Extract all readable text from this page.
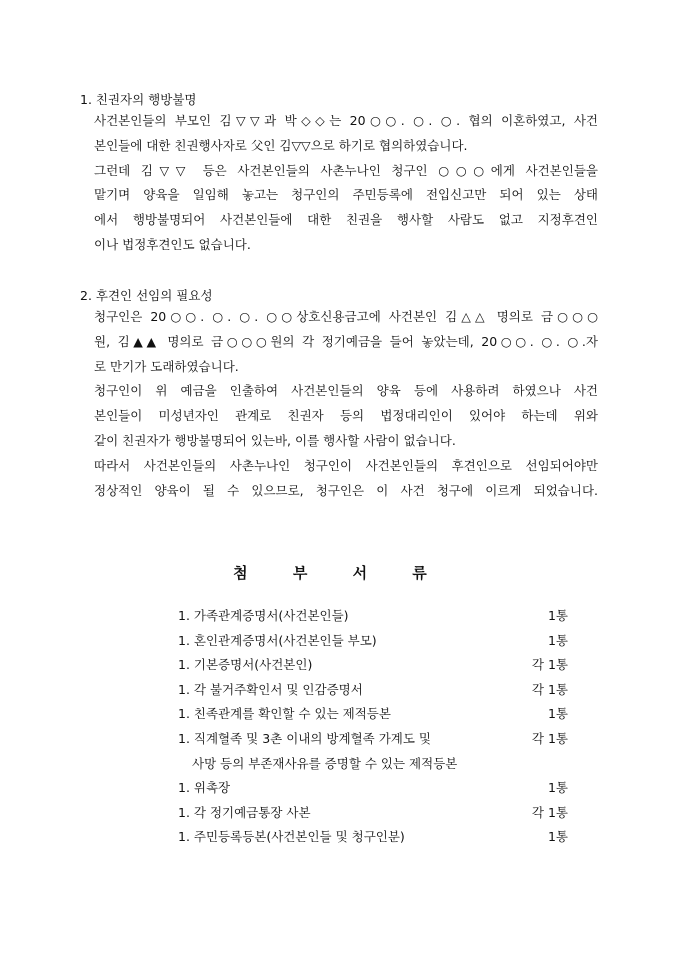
1. 친권자의 행방불명
사건본인들의 부모인 김▽▽과 박◇◇는 20○○. ○. ○. 협의 이혼하였고, 사건
본인들에 대한 친권행사자로 父인 김▽▽으로 하기로 협의하였습니다.
그런데 김▽▽ 등은 사건본인들의 사촌누나인 청구인 ○○○에게 사건본인들을
맡기며 양육을 일임해 놓고는 청구인의 주민등록에 전입신고만 되어 있는 상태
에서 행방불명되어 사건본인들에 대한 친권을 행사할 사람도 없고 지정후견인
이나 법정후견인도 없습니다.
2. 후견인 선임의 필요성
청구인은 20○○. ○. ○. ○○상호신용금고에 사건본인 김△△ 명의로 금○○○
원, 김▲▲ 명의로 금○○○원의 각 정기예금을 들어 놓았는데, 20○○. ○. ○.자
로 만기가 도래하였습니다.
청구인이 위 예금을 인출하여 사건본인들의 양육 등에 사용하려 하였으나 사건
본인들이 미성년자인 관계로 친권자 등의 법정대리인이 있어야 하는데 위와
같이 친권자가 행방불명되어 있는바, 이를 행사할 사람이 없습니다.
따라서 사건본인들의 사촌누나인 청구인이 사건본인들의 후견인으로 선임되어야만
정상적인 양육이 될 수 있으므로, 청구인은 이 사건 청구에 이르게 되었습니다.
첨 부 서 류
1. 가족관계증명서(사건본인들)	1통
1. 혼인관계증명서(사건본인들 부모)	1통
1. 기본증명서(사건본인)	각 1통
1. 각 불거주확인서 및 인감증명서	각 1통
1. 친족관계를 확인할 수 있는 제적등본	1통
1. 직계혈족 및 3촌 이내의 방계혈족 가계도 및	각 1통
사망 등의 부존재사유를 증명할 수 있는 제적등본
1. 위촉장	1통
1. 각 정기예금통장 사본	각 1통
1. 주민등록등본(사건본인들 및 청구인분)	1통
